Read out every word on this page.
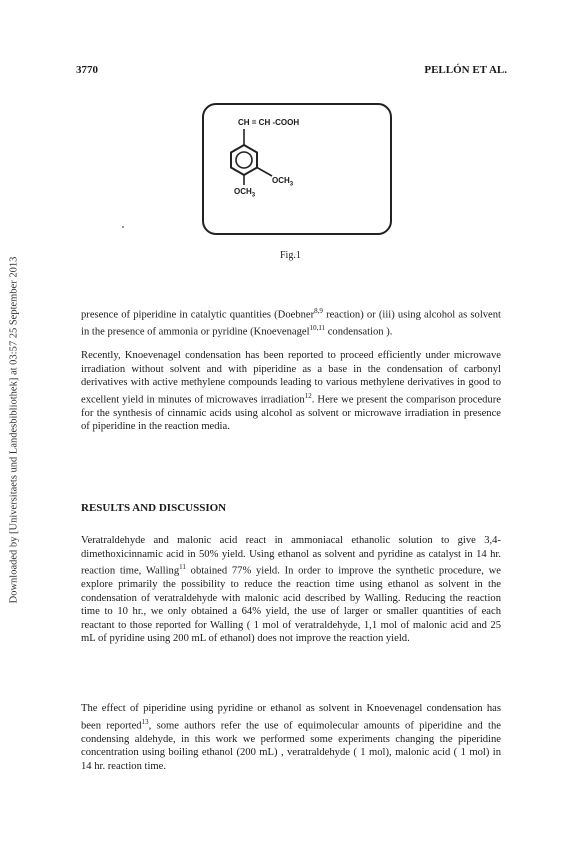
Downloaded by [Universitaets und Landesbibliothek] at 03:57 25 September 2013
3770	PELLÓN ET AL.
CH = CH -COOH
$OCH_3$
$OCH_3$
Fig.1

presence of piperidine in catalytic quantities (Doebner$^{8,9}$ reaction) or (iii) using alcohol as solvent in the presence of ammonia or pyridine (Knoevenagel$^{10,11}$ condensation ).

Recently, Knoevenagel condensation has been reported to proceed efficiently under microwave irradiation without solvent and with piperidine as a base in the condensation of carbonyl derivatives with active methylene compounds leading to various methylene derivatives in good to excellent yield in minutes of microwaves irradiation$^{12}$. Here we present the comparison procedure for the synthesis of cinnamic acids using alcohol as solvent or microwave irradiation in presence of piperidine in the reaction media.

RESULTS AND DISCUSSION

Veratraldehyde and malonic acid react in ammoniacal ethanolic solution to give 3,4-dimethoxicinnamic acid in 50% yield. Using ethanol as solvent and pyridine as catalyst in 14 hr. reaction time, Walling$^{11}$ obtained 77% yield. In order to improve the synthetic procedure, we explore primarily the possibility to reduce the reaction time using ethanol as solvent in the condensation of veratraldehyde with malonic acid described by Walling. Reducing the reaction time to 10 hr., we only obtained a 64% yield, the use of larger or smaller quantities of each reactant to those reported for Walling ( 1 mol of veratraldehyde, 1,1 mol of malonic acid and 25 mL of pyridine using 200 mL of ethanol) does not improve the reaction yield.

The effect of piperidine using pyridine or ethanol as solvent in Knoevenagel condensation has been reported$^{13}$, some authors refer the use of equimolecular amounts of piperidine and the condensing aldehyde, in this work we performed some experiments changing the piperidine concentration using boiling ethanol (200 mL) , veratraldehyde ( 1 mol), malonic acid ( 1 mol) in 14 hr. reaction time.
